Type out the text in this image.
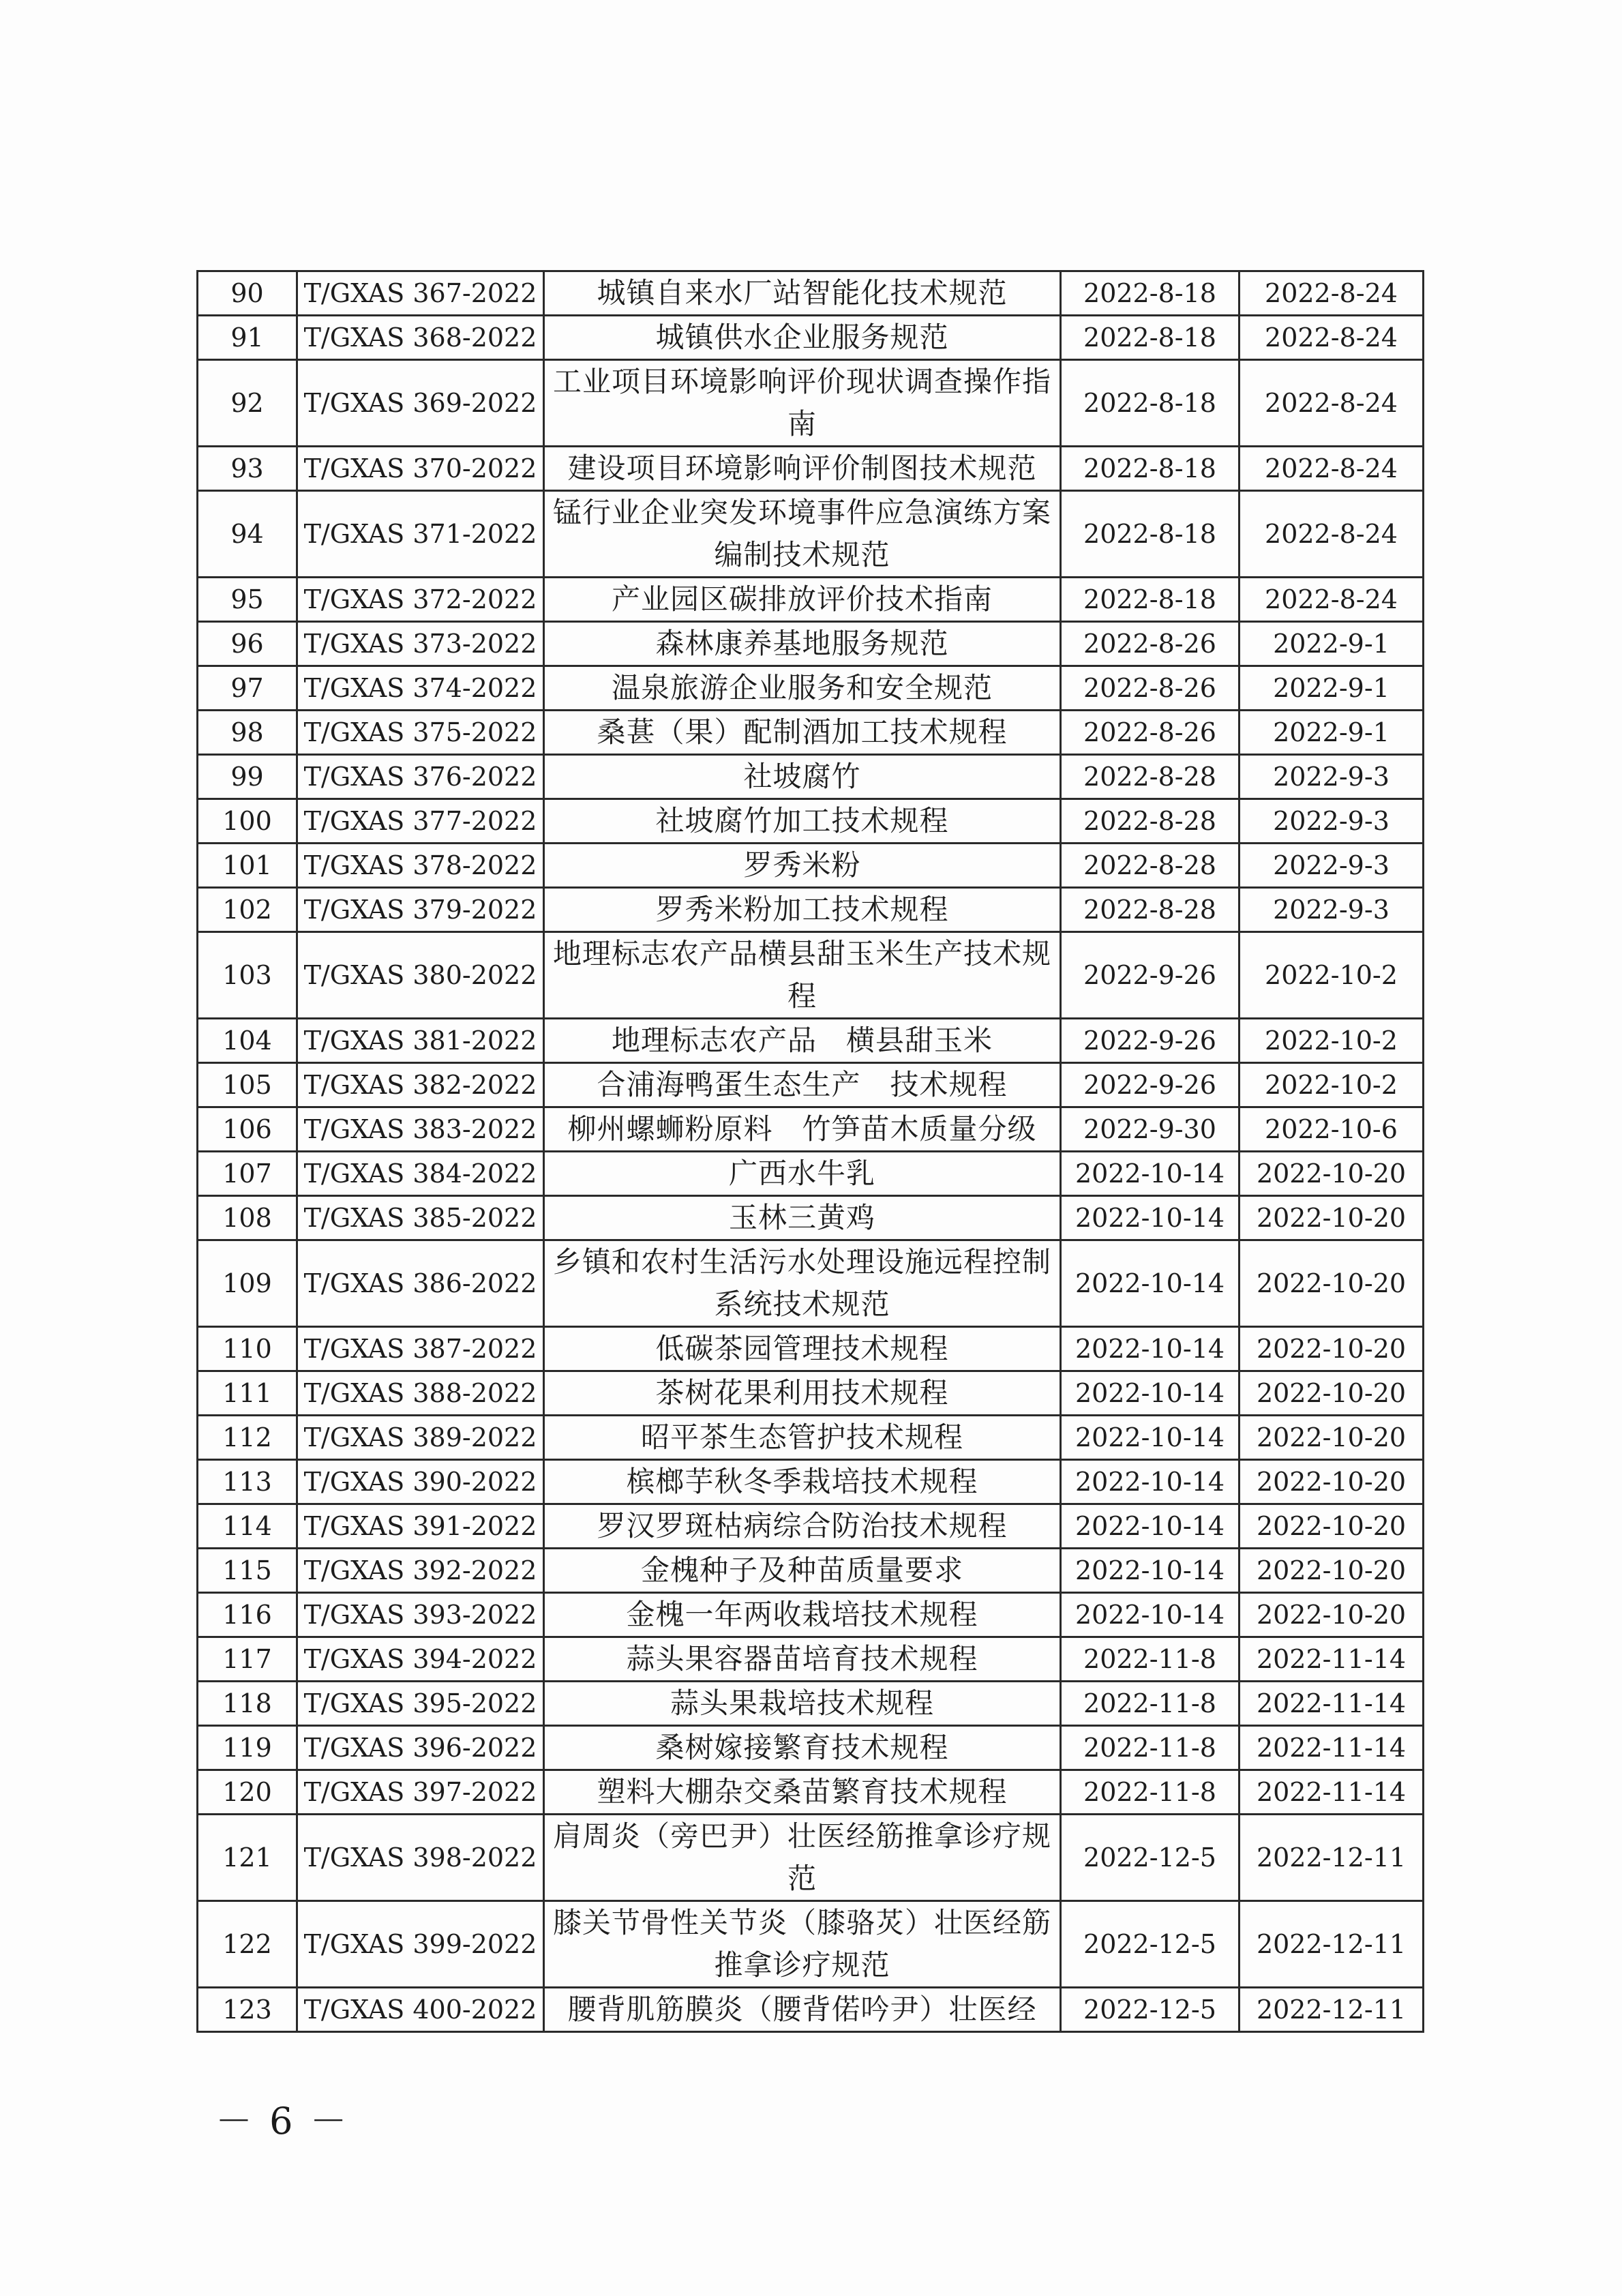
90	T/GXAS 367-2022	城镇自来水厂站智能化技术规范	2022-8-18	2022-8-24
91	T/GXAS 368-2022	城镇供水企业服务规范	2022-8-18	2022-8-24
92	T/GXAS 369-2022	工业项目环境影响评价现状调查操作指南	2022-8-18	2022-8-24
93	T/GXAS 370-2022	建设项目环境影响评价制图技术规范	2022-8-18	2022-8-24
94	T/GXAS 371-2022	锰行业企业突发环境事件应急演练方案编制技术规范	2022-8-18	2022-8-24
95	T/GXAS 372-2022	产业园区碳排放评价技术指南	2022-8-18	2022-8-24
96	T/GXAS 373-2022	森林康养基地服务规范	2022-8-26	2022-9-1
97	T/GXAS 374-2022	温泉旅游企业服务和安全规范	2022-8-26	2022-9-1
98	T/GXAS 375-2022	桑葚（果）配制酒加工技术规程	2022-8-26	2022-9-1
99	T/GXAS 376-2022	社坡腐竹	2022-8-28	2022-9-3
100	T/GXAS 377-2022	社坡腐竹加工技术规程	2022-8-28	2022-9-3
101	T/GXAS 378-2022	罗秀米粉	2022-8-28	2022-9-3
102	T/GXAS 379-2022	罗秀米粉加工技术规程	2022-8-28	2022-9-3
103	T/GXAS 380-2022	地理标志农产品横县甜玉米生产技术规程	2022-9-26	2022-10-2
104	T/GXAS 381-2022	地理标志农产品　横县甜玉米	2022-9-26	2022-10-2
105	T/GXAS 382-2022	合浦海鸭蛋生态生产　技术规程	2022-9-26	2022-10-2
106	T/GXAS 383-2022	柳州螺蛳粉原料　竹笋苗木质量分级	2022-9-30	2022-10-6
107	T/GXAS 384-2022	广西水牛乳	2022-10-14	2022-10-20
108	T/GXAS 385-2022	玉林三黄鸡	2022-10-14	2022-10-20
109	T/GXAS 386-2022	乡镇和农村生活污水处理设施远程控制系统技术规范	2022-10-14	2022-10-20
110	T/GXAS 387-2022	低碳茶园管理技术规程	2022-10-14	2022-10-20
111	T/GXAS 388-2022	茶树花果利用技术规程	2022-10-14	2022-10-20
112	T/GXAS 389-2022	昭平茶生态管护技术规程	2022-10-14	2022-10-20
113	T/GXAS 390-2022	槟榔芋秋冬季栽培技术规程	2022-10-14	2022-10-20
114	T/GXAS 391-2022	罗汉罗斑枯病综合防治技术规程	2022-10-14	2022-10-20
115	T/GXAS 392-2022	金槐种子及种苗质量要求	2022-10-14	2022-10-20
116	T/GXAS 393-2022	金槐一年两收栽培技术规程	2022-10-14	2022-10-20
117	T/GXAS 394-2022	蒜头果容器苗培育技术规程	2022-11-8	2022-11-14
118	T/GXAS 395-2022	蒜头果栽培技术规程	2022-11-8	2022-11-14
119	T/GXAS 396-2022	桑树嫁接繁育技术规程	2022-11-8	2022-11-14
120	T/GXAS 397-2022	塑料大棚杂交桑苗繁育技术规程	2022-11-8	2022-11-14
121	T/GXAS 398-2022	肩周炎（旁巴尹）壮医经筋推拿诊疗规范	2022-12-5	2022-12-11
122	T/GXAS 399-2022	膝关节骨性关节炎（膝骆炗）壮医经筋推拿诊疗规范	2022-12-5	2022-12-11
123	T/GXAS 400-2022	腰背肌筋膜炎（腰背偌吟尹）壮医经	2022-12-5	2022-12-11
－ 6 －
